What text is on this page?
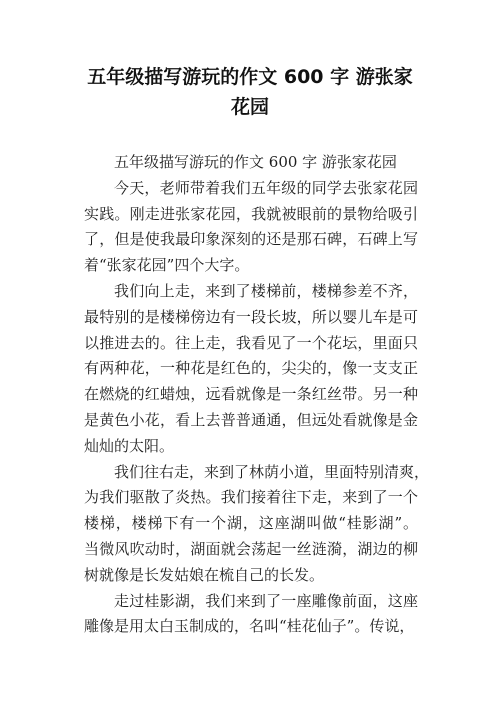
五年级描写游玩的作文 600 字 游张家
花园
五年级描写游玩的作文 600 字 游张家花园
今天，老师带着我们五年级的同学去张家花园
实践。刚走进张家花园，我就被眼前的景物给吸引
了，但是使我最印象深刻的还是那石碑，石碑上写
着“张家花园”四个大字。
我们向上走，来到了楼梯前，楼梯参差不齐，
最特别的是楼梯傍边有一段长坡，所以婴儿车是可
以推进去的。往上走，我看见了一个花坛，里面只
有两种花，一种花是红色的，尖尖的，像一支支正
在燃烧的红蜡烛，远看就像是一条红丝带。另一种
是黄色小花，看上去普普通通，但远处看就像是金
灿灿的太阳。
我们往右走，来到了林荫小道，里面特别清爽，
为我们驱散了炎热。我们接着往下走，来到了一个
楼梯，楼梯下有一个湖，这座湖叫做“桂影湖”。
当微风吹动时，湖面就会荡起一丝涟漪，湖边的柳
树就像是长发姑娘在梳自己的长发。
走过桂影湖，我们来到了一座雕像前面，这座
雕像是用太白玉制成的，名叫“桂花仙子”。传说，
